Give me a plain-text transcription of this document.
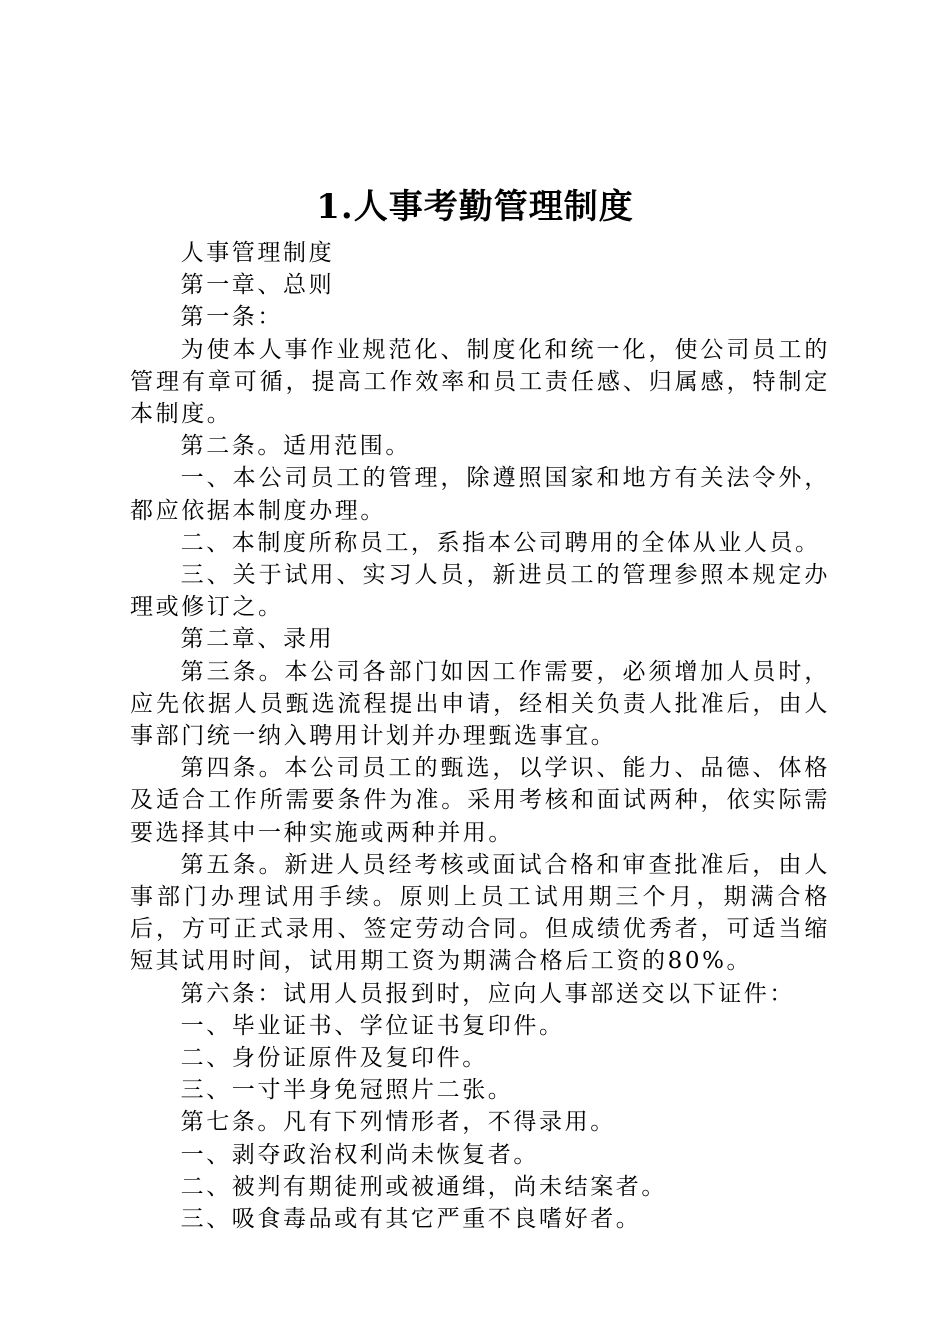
1.人事考勤管理制度

人事管理制度

第一章、总则

第一条：

为使本人事作业规范化、制度化和统一化，使公司员工的管理有章可循，提高工作效率和员工责任感、归属感，特制定本制度。

第二条。适用范围。

一、本公司员工的管理，除遵照国家和地方有关法令外，都应依据本制度办理。

二、本制度所称员工，系指本公司聘用的全体从业人员。

三、关于试用、实习人员，新进员工的管理参照本规定办理或修订之。

第二章、录用

第三条。本公司各部门如因工作需要，必须增加人员时，应先依据人员甄选流程提出申请，经相关负责人批准后，由人事部门统一纳入聘用计划并办理甄选事宜。

第四条。本公司员工的甄选，以学识、能力、品德、体格及适合工作所需要条件为准。采用考核和面试两种，依实际需要选择其中一种实施或两种并用。

第五条。新进人员经考核或面试合格和审查批准后，由人事部门办理试用手续。原则上员工试用期三个月，期满合格后，方可正式录用、签定劳动合同。但成绩优秀者，可适当缩短其试用时间，试用期工资为期满合格后工资的80%。

第六条：试用人员报到时，应向人事部送交以下证件：

一、毕业证书、学位证书复印件。

二、身份证原件及复印件。

三、一寸半身免冠照片二张。

第七条。凡有下列情形者，不得录用。

一、剥夺政治权利尚未恢复者。

二、被判有期徒刑或被通缉，尚未结案者。

三、吸食毒品或有其它严重不良嗜好者。
